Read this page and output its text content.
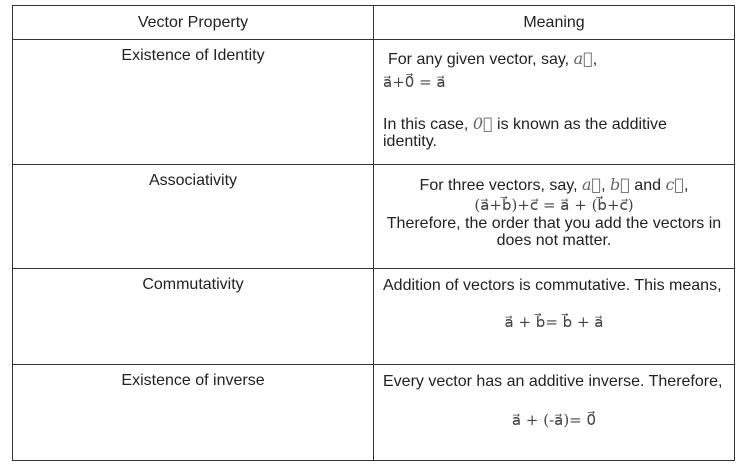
Vector Property	Meaning
Existence of Identity	For any given vector, say, a⃗,
a⃗+0⃗ = a⃗
In this case, 0⃗ is known as the additive identity.

Associativity	For three vectors, say, a⃗, b⃗ and c⃗,
(a⃗+b⃗)+c⃗ = a⃗ + (b⃗+c⃗)
Therefore, the order that you add the vectors in does not matter.

Commutativity	Addition of vectors is commutative. This means,
a⃗ + b⃗= b⃗ + a⃗

Existence of inverse	Every vector has an additive inverse. Therefore,
a⃗ + (-a⃗)= 0⃗
